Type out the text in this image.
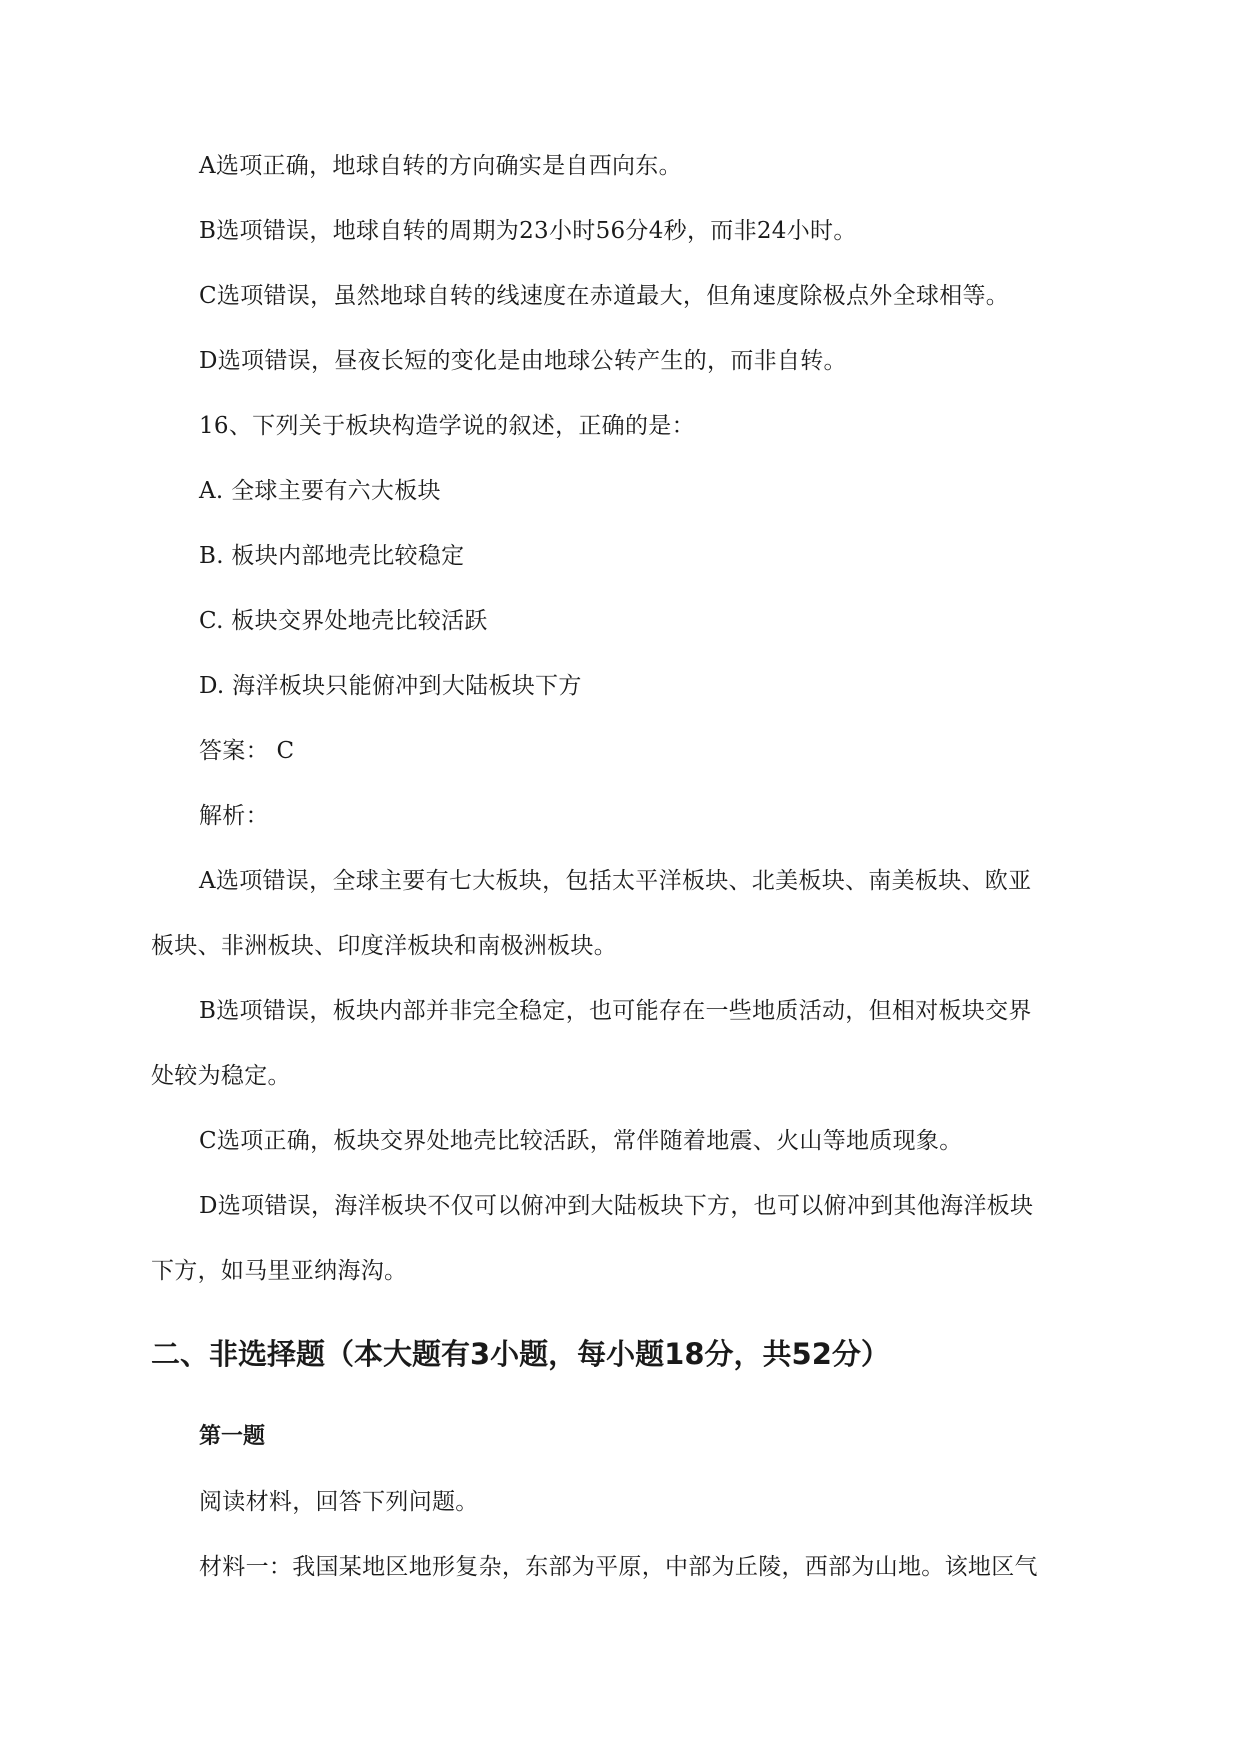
A选项正确，地球自转的方向确实是自西向东。
B选项错误，地球自转的周期为23小时56分4秒，而非24小时。
C选项错误，虽然地球自转的线速度在赤道最大，但角速度除极点外全球相等。
D选项错误，昼夜长短的变化是由地球公转产生的，而非自转。
16、下列关于板块构造学说的叙述，正确的是：
A. 全球主要有六大板块
B. 板块内部地壳比较稳定
C. 板块交界处地壳比较活跃
D. 海洋板块只能俯冲到大陆板块下方
答案： C
解析：
A选项错误，全球主要有七大板块，包括太平洋板块、北美板块、南美板块、欧亚
板块、非洲板块、印度洋板块和南极洲板块。
B选项错误，板块内部并非完全稳定，也可能存在一些地质活动，但相对板块交界
处较为稳定。
C选项正确，板块交界处地壳比较活跃，常伴随着地震、火山等地质现象。
D选项错误，海洋板块不仅可以俯冲到大陆板块下方，也可以俯冲到其他海洋板块
下方，如马里亚纳海沟。
二、非选择题（本大题有3小题，每小题18分，共52分）
第一题
阅读材料，回答下列问题。
材料一：我国某地区地形复杂，东部为平原，中部为丘陵，西部为山地。该地区气
